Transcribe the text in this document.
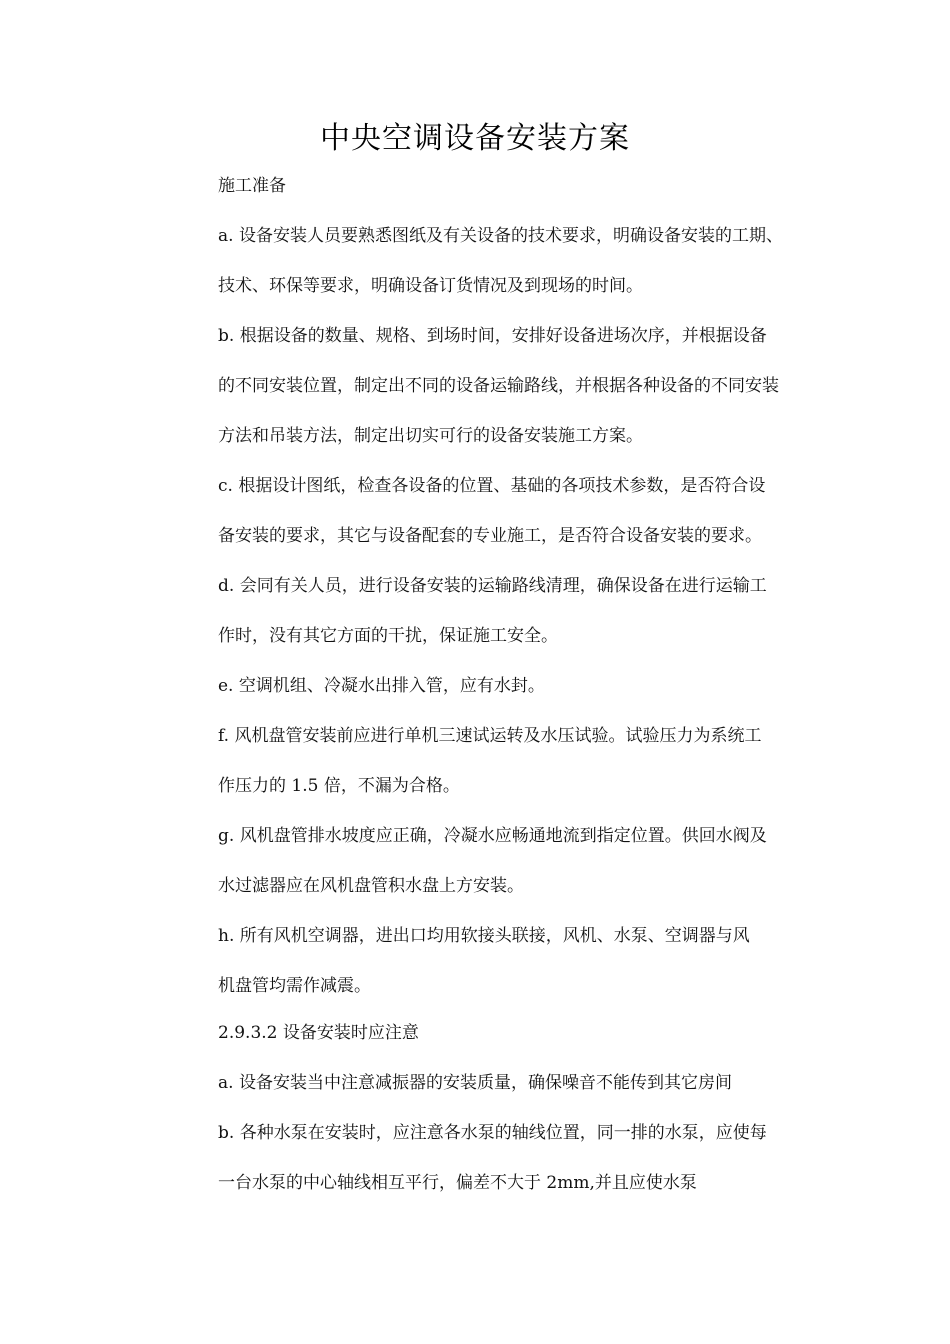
中央空调设备安装方案
施工准备
a. 设备安装人员要熟悉图纸及有关设备的技术要求，明确设备安装的工期、
技术、环保等要求，明确设备订货情况及到现场的时间。
b. 根据设备的数量、规格、到场时间，安排好设备进场次序，并根据设备
的不同安装位置，制定出不同的设备运输路线，并根据各种设备的不同安装
方法和吊装方法，制定出切实可行的设备安装施工方案。
c. 根据设计图纸，检查各设备的位置、基础的各项技术参数，是否符合设
备安装的要求，其它与设备配套的专业施工，是否符合设备安装的要求。
d. 会同有关人员，进行设备安装的运输路线清理，确保设备在进行运输工
作时，没有其它方面的干扰，保证施工安全。
e. 空调机组、冷凝水出排入管，应有水封。
f. 风机盘管安装前应进行单机三速试运转及水压试验。试验压力为系统工
作压力的 1.5 倍，不漏为合格。
g. 风机盘管排水坡度应正确，冷凝水应畅通地流到指定位置。供回水阀及
水过滤器应在风机盘管积水盘上方安装。
h. 所有风机空调器，进出口均用软接头联接，风机、水泵、空调器与风
机盘管均需作减震。
2.9.3.2 设备安装时应注意
a. 设备安装当中注意减振器的安装质量，确保噪音不能传到其它房间
b. 各种水泵在安装时，应注意各水泵的轴线位置，同一排的水泵，应使每
一台水泵的中心轴线相互平行，偏差不大于 2mm,并且应使水泵
